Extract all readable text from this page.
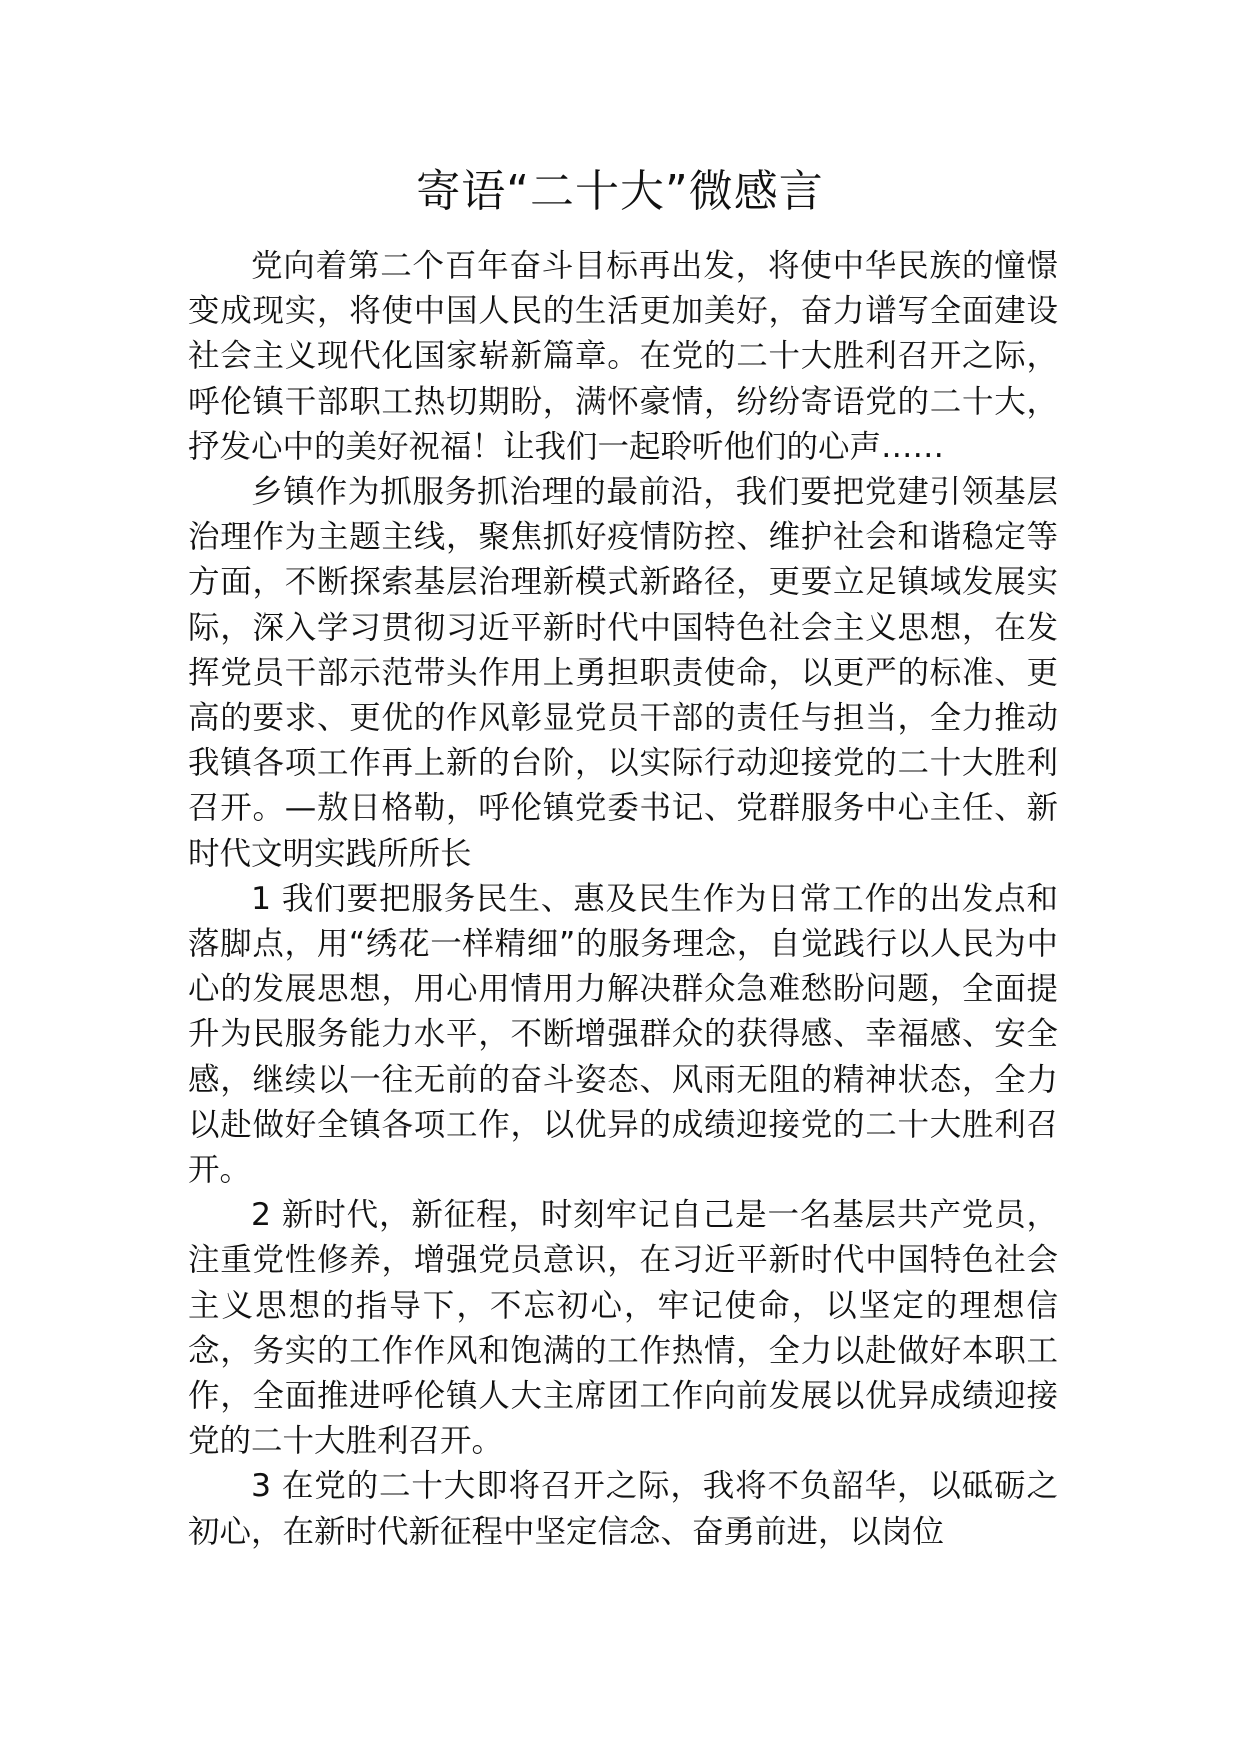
寄语“二十大”微感言

党向着第二个百年奋斗目标再出发，将使中华民族的憧憬变成现实，将使中国人民的生活更加美好，奋力谱写全面建设社会主义现代化国家崭新篇章。在党的二十大胜利召开之际，呼伦镇干部职工热切期盼，满怀豪情，纷纷寄语党的二十大，抒发心中的美好祝福！让我们一起聆听他们的心声……

乡镇作为抓服务抓治理的最前沿，我们要把党建引领基层治理作为主题主线，聚焦抓好疫情防控、维护社会和谐稳定等方面，不断探索基层治理新模式新路径，更要立足镇域发展实际，深入学习贯彻习近平新时代中国特色社会主义思想，在发挥党员干部示范带头作用上勇担职责使命，以更严的标准、更高的要求、更优的作风彰显党员干部的责任与担当，全力推动我镇各项工作再上新的台阶，以实际行动迎接党的二十大胜利召开。—敖日格勒，呼伦镇党委书记、党群服务中心主任、新时代文明实践所所长

1 我们要把服务民生、惠及民生作为日常工作的出发点和落脚点，用“绣花一样精细”的服务理念，自觉践行以人民为中心的发展思想，用心用情用力解决群众急难愁盼问题，全面提升为民服务能力水平，不断增强群众的获得感、幸福感、安全感，继续以一往无前的奋斗姿态、风雨无阻的精神状态，全力以赴做好全镇各项工作，以优异的成绩迎接党的二十大胜利召开。

2 新时代，新征程，时刻牢记自己是一名基层共产党员，注重党性修养，增强党员意识，在习近平新时代中国特色社会主义思想的指导下，不忘初心，牢记使命，以坚定的理想信念，务实的工作作风和饱满的工作热情，全力以赴做好本职工作，全面推进呼伦镇人大主席团工作向前发展以优异成绩迎接党的二十大胜利召开。

3 在党的二十大即将召开之际，我将不负韶华，以砥砺之初心，在新时代新征程中坚定信念、奋勇前进，以岗位
